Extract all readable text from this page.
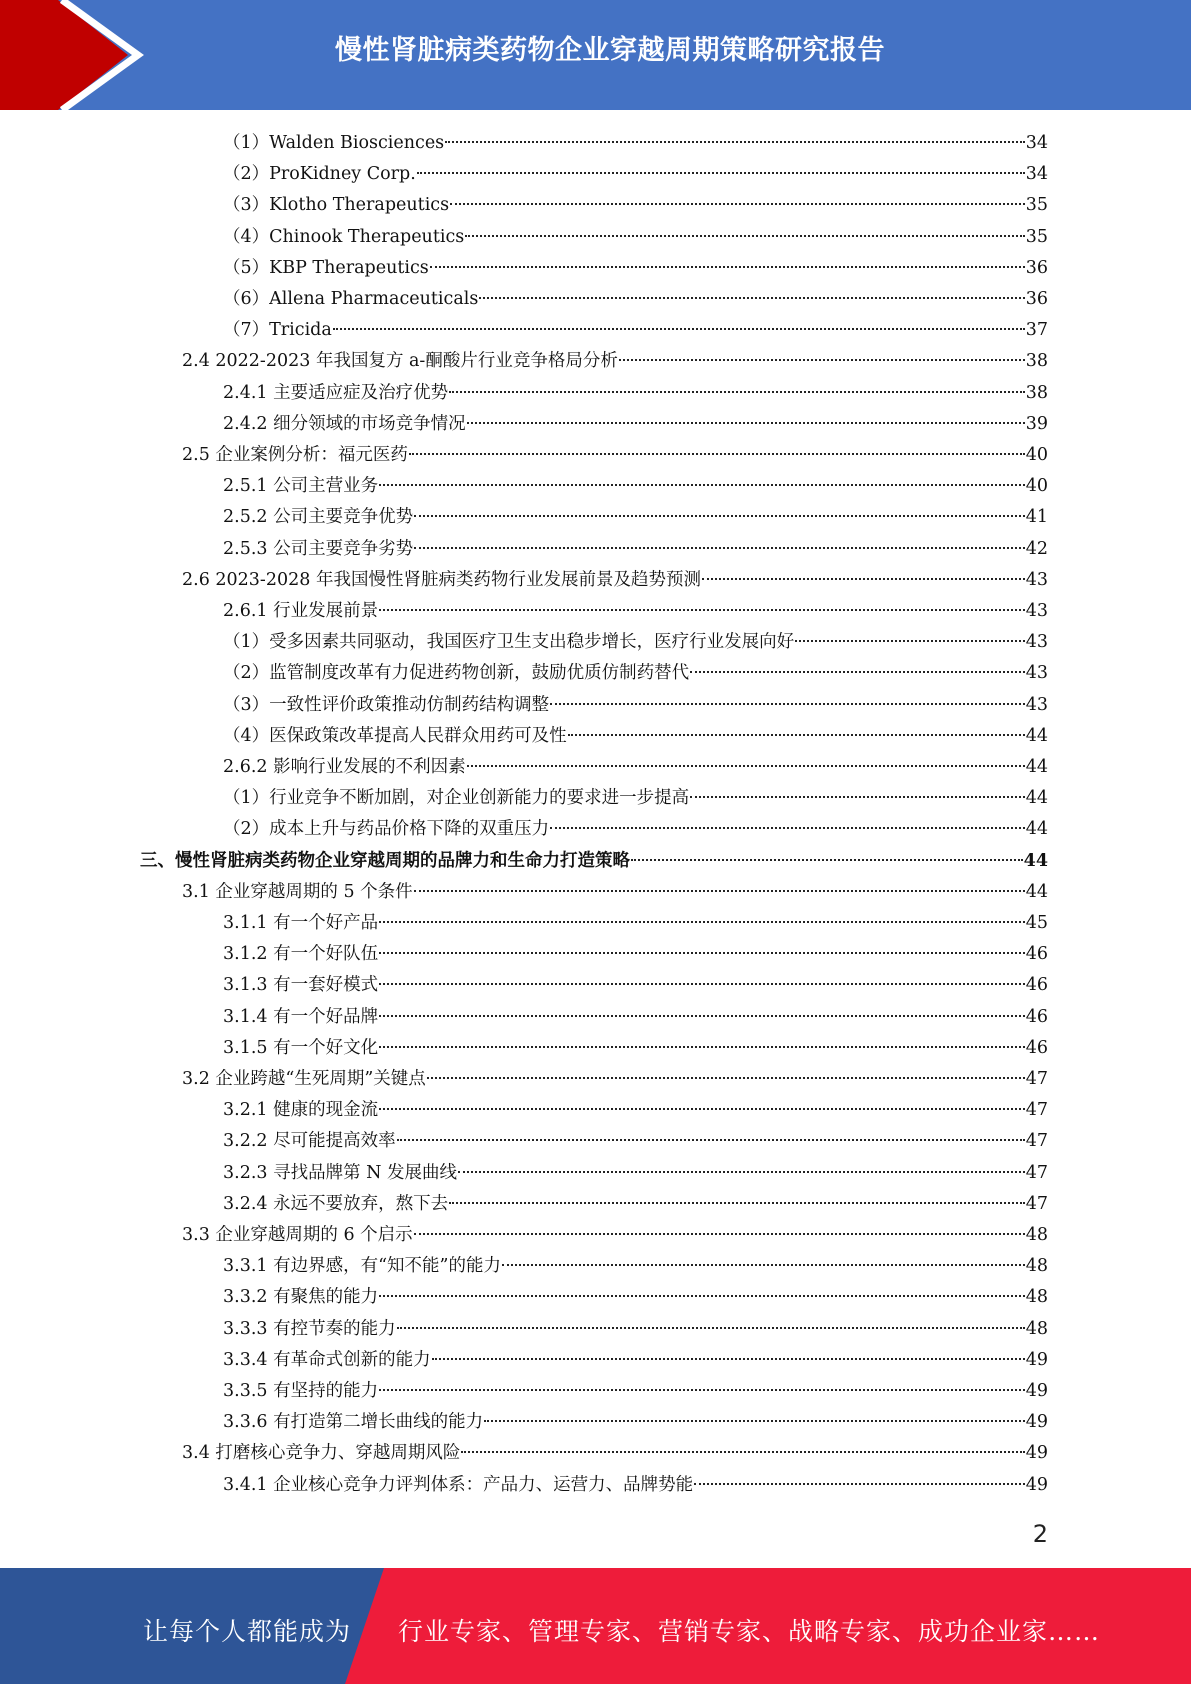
慢性肾脏病类药物企业穿越周期策略研究报告
（1）Walden Biosciences	34
（2）ProKidney Corp.	34
（3）Klotho Therapeutics	35
（4）Chinook Therapeutics	35
（5）KBP Therapeutics	36
（6）Allena Pharmaceuticals	36
（7）Tricida	37
2.4 2022-2023 年我国复方 a-酮酸片行业竞争格局分析	38
2.4.1 主要适应症及治疗优势	38
2.4.2 细分领域的市场竞争情况	39
2.5 企业案例分析：福元医药	40
2.5.1 公司主营业务	40
2.5.2 公司主要竞争优势	41
2.5.3 公司主要竞争劣势	42
2.6 2023-2028 年我国慢性肾脏病类药物行业发展前景及趋势预测	43
2.6.1 行业发展前景	43
（1）受多因素共同驱动，我国医疗卫生支出稳步增长，医疗行业发展向好	43
（2）监管制度改革有力促进药物创新，鼓励优质仿制药替代	43
（3）一致性评价政策推动仿制药结构调整	43
（4）医保政策改革提高人民群众用药可及性	44
2.6.2 影响行业发展的不利因素	44
（1）行业竞争不断加剧，对企业创新能力的要求进一步提高	44
（2）成本上升与药品价格下降的双重压力	44
三、慢性肾脏病类药物企业穿越周期的品牌力和生命力打造策略	44
3.1 企业穿越周期的 5 个条件	44
3.1.1 有一个好产品	45
3.1.2 有一个好队伍	46
3.1.3 有一套好模式	46
3.1.4 有一个好品牌	46
3.1.5 有一个好文化	46
3.2 企业跨越“生死周期”关键点	47
3.2.1 健康的现金流	47
3.2.2 尽可能提高效率	47
3.2.3 寻找品牌第 N 发展曲线	47
3.2.4 永远不要放弃，熬下去	47
3.3 企业穿越周期的 6 个启示	48
3.3.1 有边界感，有“知不能”的能力	48
3.3.2 有聚焦的能力	48
3.3.3 有控节奏的能力	48
3.3.4 有革命式创新的能力	49
3.3.5 有坚持的能力	49
3.3.6 有打造第二增长曲线的能力	49
3.4 打磨核心竞争力、穿越周期风险	49
3.4.1 企业核心竞争力评判体系：产品力、运营力、品牌势能	49
2
让每个人都能成为 行业专家、管理专家、营销专家、战略专家、成功企业家……
